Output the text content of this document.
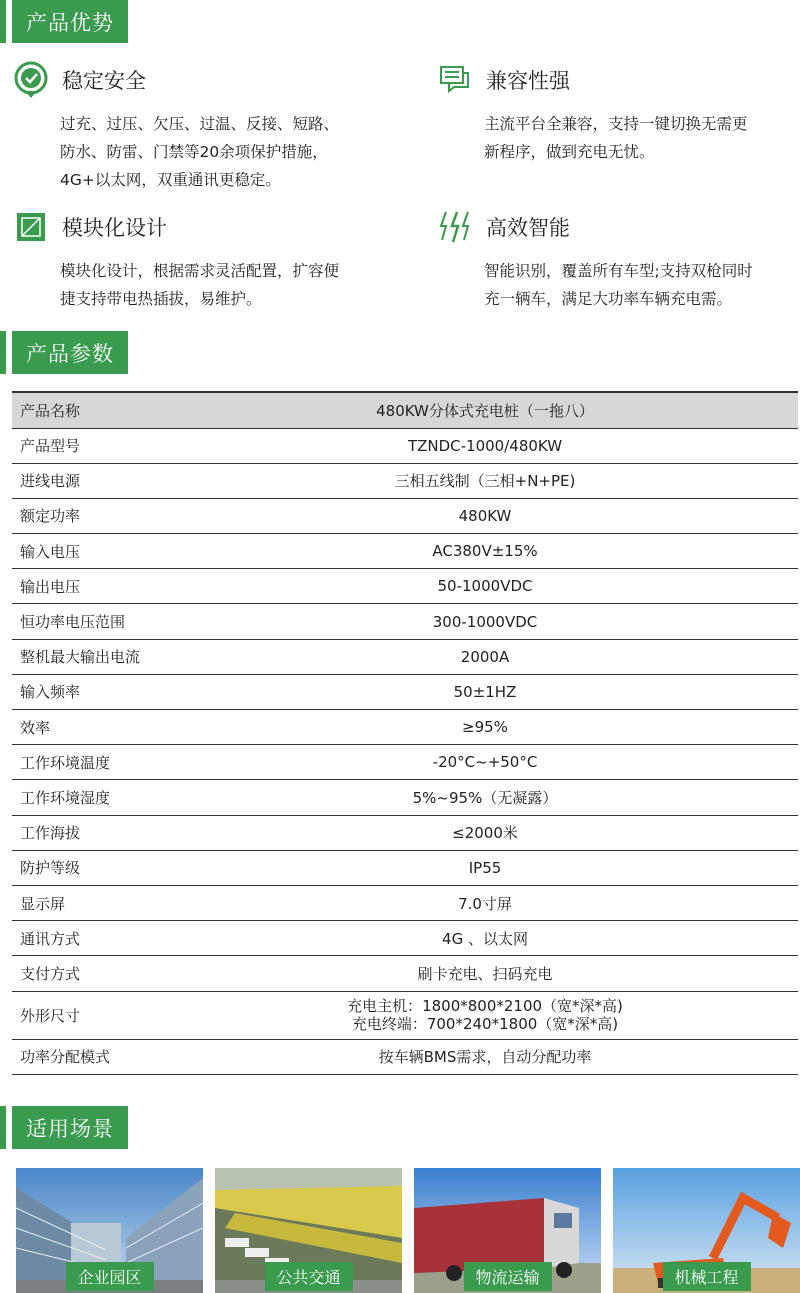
产品优势
稳定安全
过充、过压、欠压、过温、反接、短路、
防水、防雷、门禁等20余项保护措施，
4G+以太网，双重通讯更稳定。
兼容性强
主流平台全兼容，支持一键切换无需更
新程序，做到充电无忧。
模块化设计
模块化设计，根据需求灵活配置，扩容便
捷支持带电热插拔，易维护。
高效智能
智能识别，覆盖所有车型;支持双枪同时
充一辆车，满足大功率车辆充电需。
产品参数
产品名称	480KW分体式充电桩（一拖八）
产品型号	TZNDC-1000/480KW
进线电源	三相五线制（三相+N+PE)
额定功率	480KW
输入电压	AC380V±15%
输出电压	50-1000VDC
恒功率电压范围	300-1000VDC
整机最大输出电流	2000A
输入频率	50±1HZ
效率	≥95%
工作环境温度	-20°C~+50°C
工作环境湿度	5%~95%（无凝露）
工作海拔	≤2000米
防护等级	IP55
显示屏	7.0寸屏
通讯方式	4G 、以太网
支付方式	刷卡充电、扫码充电
外形尺寸	充电主机：1800*800*2100（宽*深*高)
充电终端：700*240*1800（宽*深*高)

功率分配模式	按车辆BMS需求，自动分配功率
适用场景
企业园区	公共交通	物流运输	机械工程
